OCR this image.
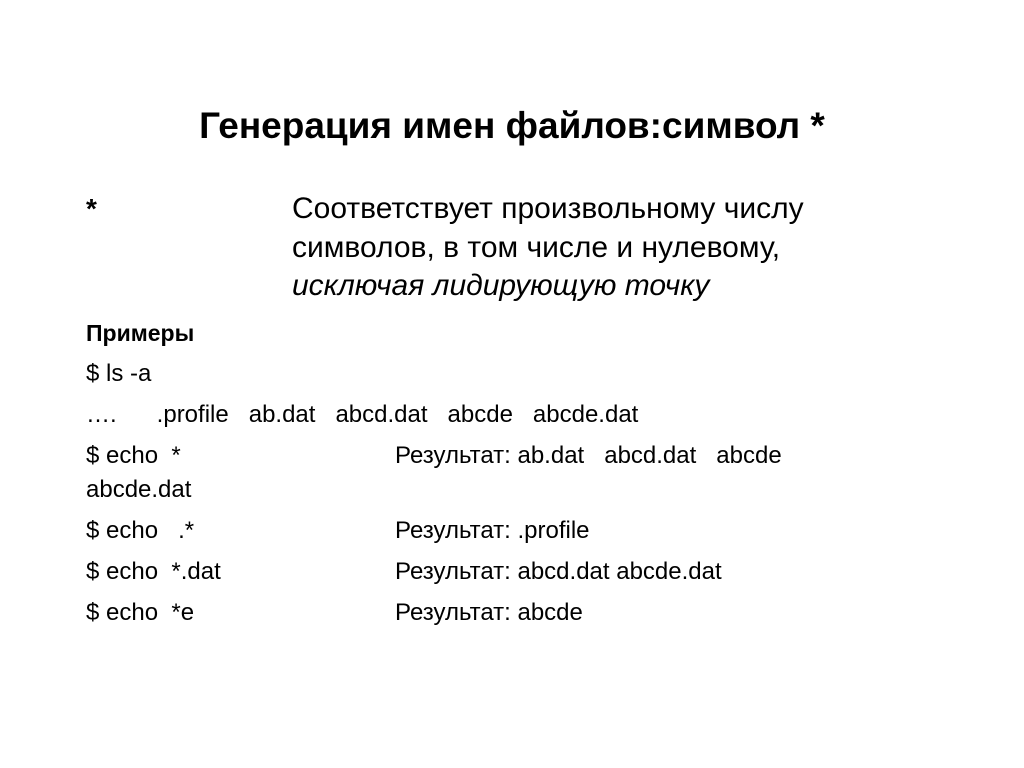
Генерация имен файлов:символ *
*	Соответствует произвольному числу
символов, в том числе и нулевому,
исключая лидирующую точку
Примеры
$ ls -a
….      .profile   ab.dat   abcd.dat   abcde   abcde.dat
$ echo  *	Результат: ab.dat   abcd.dat   abcde
abcde.dat
$ echo   .*	Результат: .profile
$ echo  *.dat	Результат: abcd.dat abcde.dat
$ echo  *e	Результат: abcde
